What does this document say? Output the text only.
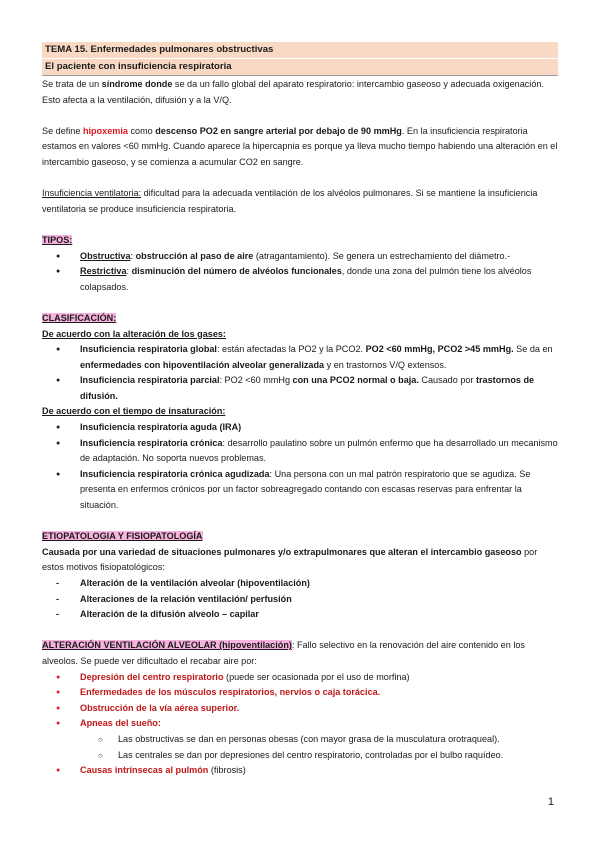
TEMA 15. Enfermedades pulmonares obstructivas
El paciente con insuficiencia respiratoria

Se trata de un síndrome donde se da un fallo global del aparato respiratorio: intercambio gaseoso y adecuada oxigenación. Esto afecta a la ventilación, difusión y a la V/Q.

Se define hipoxemia como descenso PO2 en sangre arterial por debajo de 90 mmHg. En la insuficiencia respiratoria estamos en valores <60 mmHg. Cuando aparece la hipercapnia es porque ya lleva mucho tiempo habiendo una alteración en el intercambio gaseoso, y se comienza a acumular CO2 en sangre.

Insuficiencia ventilatoria: dificultad para la adecuada ventilación de los alvéolos pulmonares. Si se mantiene la insuficiencia ventilatoria se produce insuficiencia respiratoria.

TIPOS:

● Obstructiva: obstrucción al paso de aire (atragantamiento). Se genera un estrechamiento del diámetro.-
● Restrictiva: disminución del número de alvéolos funcionales, donde una zona del pulmón tiene los alvéolos colapsados.

CLASIFICACIÓN:

De acuerdo con la alteración de los gases:

● Insuficiencia respiratoria global: están afectadas la PO2 y la PCO2. PO2 <60 mmHg, PCO2 >45 mmHg. Se da en enfermedades con hipoventilación alveolar generalizada y en trastornos V/Q extensos.
● Insuficiencia respiratoria parcial: PO2 <60 mmHg con una PCO2 normal o baja. Causado por trastornos de difusión.

De acuerdo con el tiempo de insaturación:

● Insuficiencia respiratoria aguda (IRA)
● Insuficiencia respiratoria crónica: desarrollo paulatino sobre un pulmón enfermo que ha desarrollado un mecanismo de adaptación. No soporta nuevos problemas.
● Insuficiencia respiratoria crónica agudizada: Una persona con un mal patrón respiratorio que se agudiza. Se presenta en enfermos crónicos por un factor sobreagregado contando con escasas reservas para enfrentar la situación.

ETIOPATOLOGIA Y FISIOPATOLOGÍA

Causada por una variedad de situaciones pulmonares y/o extrapulmonares que alteran el intercambio gaseoso por estos motivos fisiopatológicos:

- Alteración de la ventilación alveolar (hipoventilación)
- Alteraciones de la relación ventilación/ perfusión
- Alteración de la difusión alveolo – capilar

ALTERACIÓN VENTILACIÓN ALVEOLAR (hipoventilación): Fallo selectivo en la renovación del aire contenido en los alveolos. Se puede ver dificultado el recabar aire por:

● Depresión del centro respiratorio (puede ser ocasionada por el uso de morfina)
● Enfermedades de los músculos respiratorios, nervios o caja torácica.
● Obstrucción de la vía aérea superior.
● Apneas del sueño:
○ Las obstructivas se dan en personas obesas (con mayor grasa de la musculatura orotraqueal).
○ Las centrales se dan por depresiones del centro respiratorio, controladas por el bulbo raquídeo.
● Causas intrínsecas al pulmón (fibrosis)
1
